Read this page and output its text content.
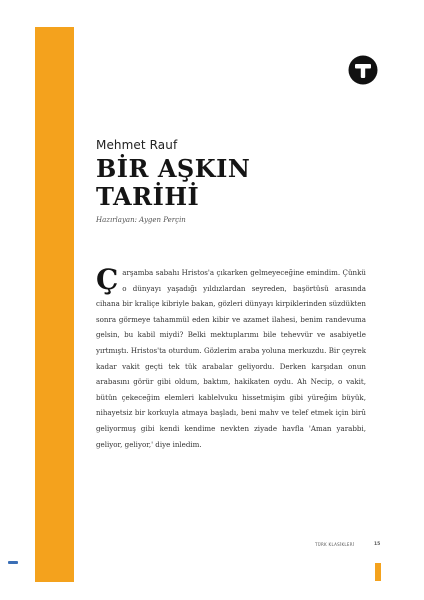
Mehmet Rauf
BİR AŞKIN
TARİHİ
Hazırlayan: Aygen Perçin

Çarşamba sabahı Hristos'a çıkarken gelmeyeceğine emindim. Çünkü o dünyayı yaşadığı yıldızlardan seyreden, başörtüsü arasında cihana bir kraliçe kibriyle bakan, gözleri dünyayı kirpiklerinden süzdükten sonra görmeye tahammül eden kibir ve azamet ilahesi, benim randevuma gelsin, bu kabil miydi? Belki mektuplarımı bile tehevvür ve asabiyetle yırtmıştı. Hristos'ta oturdum. Gözlerim araba yoluna merkuzdu. Bir çeyrek kadar vakit geçti tek tük arabalar geliyordu. Derken karşıdan onun arabasını görür gibi oldum, baktım, hakikaten oydu. Ah Necip, o vakit, bütün çekeceğim elemleri kablelvuku hissetmişim gibi yüreğim büyük, nihayetsiz bir korkuyla atmaya başladı, beni mahv ve telef etmek için birû geliyormuş gibi kendi kendime nevkten ziyade havfla 'Aman yarabbi, geliyor, geliyor,' diye inledim.

TÜRK KLASİKLERİ	15
